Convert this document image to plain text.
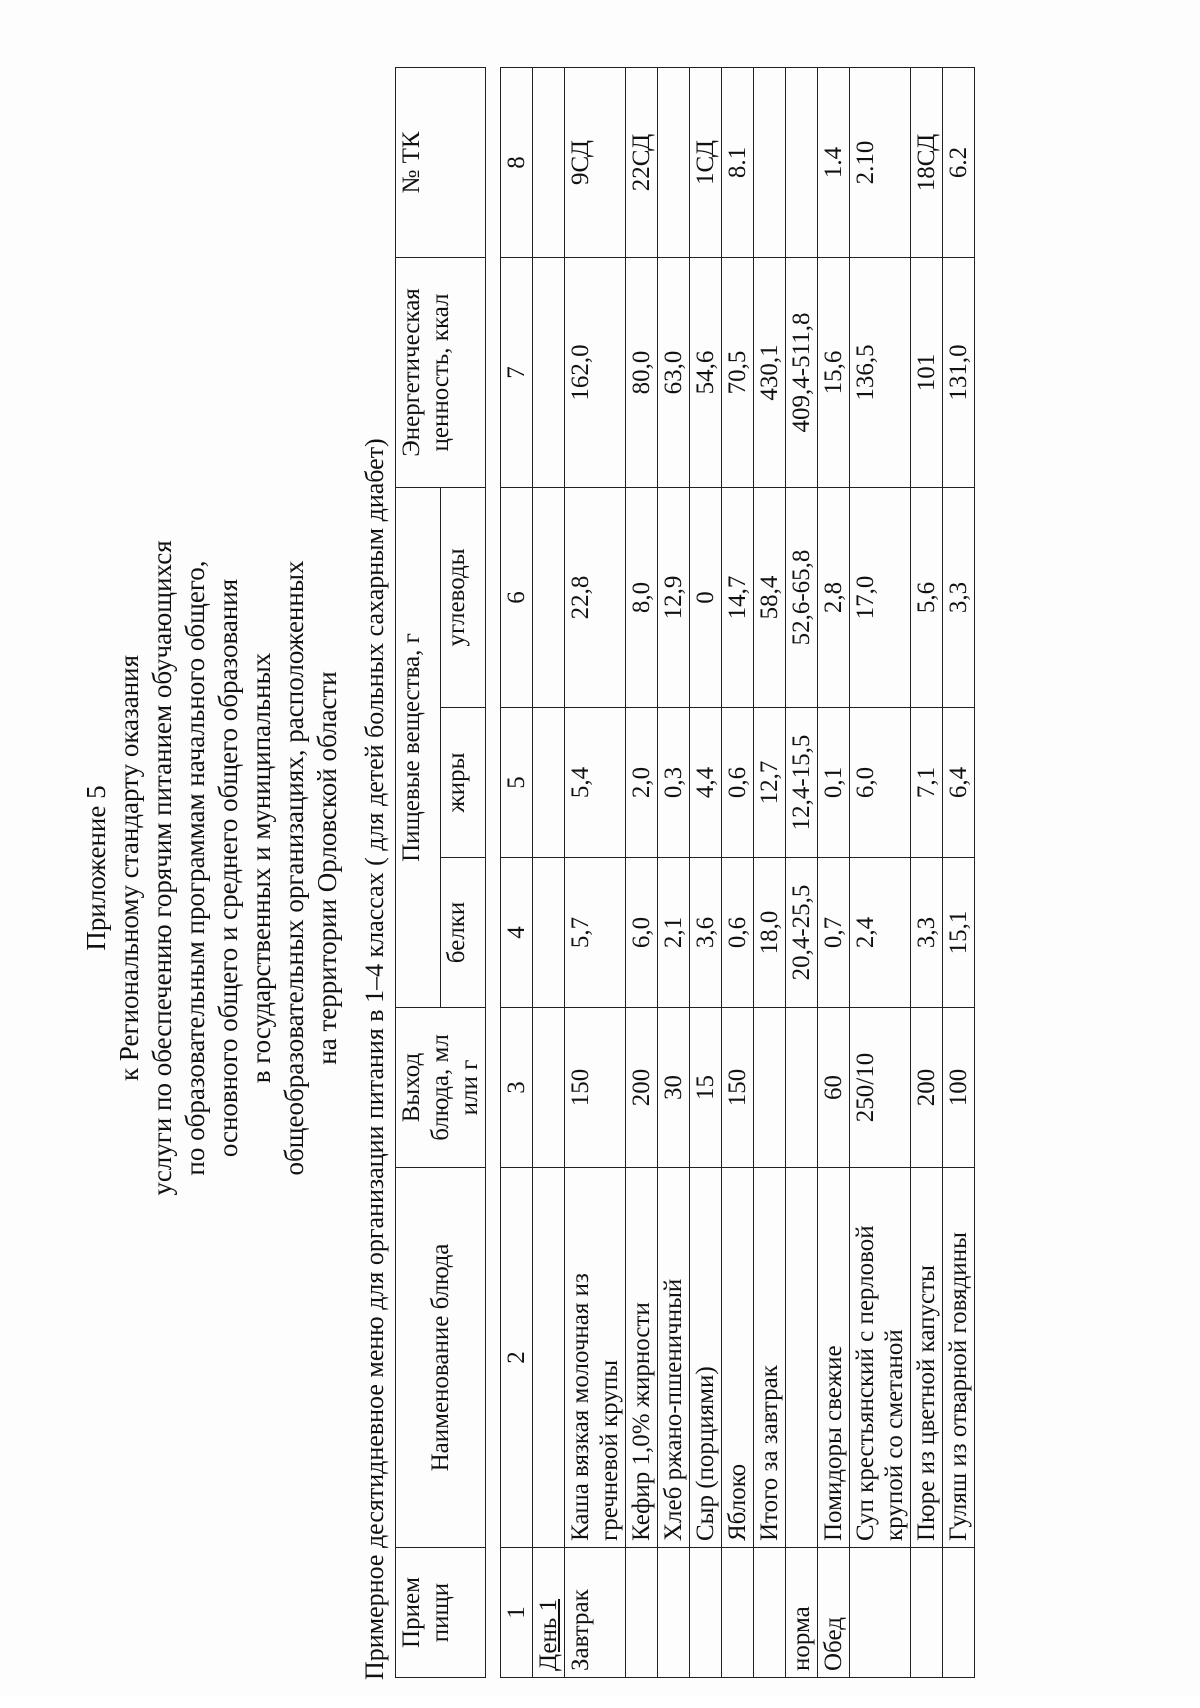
Приложение 5 к Региональному стандарту оказания услуги по обеспечению горячим питанием обучающихся по образовательным программам начального общего, основного общего и среднего общего образования в государственных и муниципальных общеобразовательных организациях, расположенных на территории Орловской области Примерное десятидневное меню для организации питания в 1–4 классах ( для детей больных сахарным диабет) Прием пищи	Наименование блюда	Выход блюда, мл или г	Пищевые вещества, г			Энергетическая ценность, ккал	№ ТК
			белки	жиры	углеводы		
1	2	3	4	5	6	7	8
День 1							
Завтрак	Каша вязкая молочная из гречневой крупы	150	5,7	5,4	22,8	162,0	9СД
	Кефир 1,0% жирности	200	6,0	2,0	8,0	80,0	22СД
	Хлеб ржано-пшеничный	30	2,1	0,3	12,9	63,0	
	Сыр (порциями)	15	3,6	4,4	0	54,6	1СД
	Яблоко	150	0,6	0,6	14,7	70,5	8.1
	Итого за завтрак		18,0	12,7	58,4	430,1	
норма			20,4-25,5	12,4-15,5	52,6-65,8	409,4-511,8	
Обед	Помидоры свежие	60	0,7	0,1	2,8	15,6	1.4
	Суп крестьянский с перловой крупой со сметаной	250/10	2,4	6,0	17,0	136,5	2.10
	Пюре из цветной капусты	200	3,3	7,1	5,6	101	18СД
	Гуляш из отварной говядины	100	15,1	6,4	3,3	131,0	6.2
